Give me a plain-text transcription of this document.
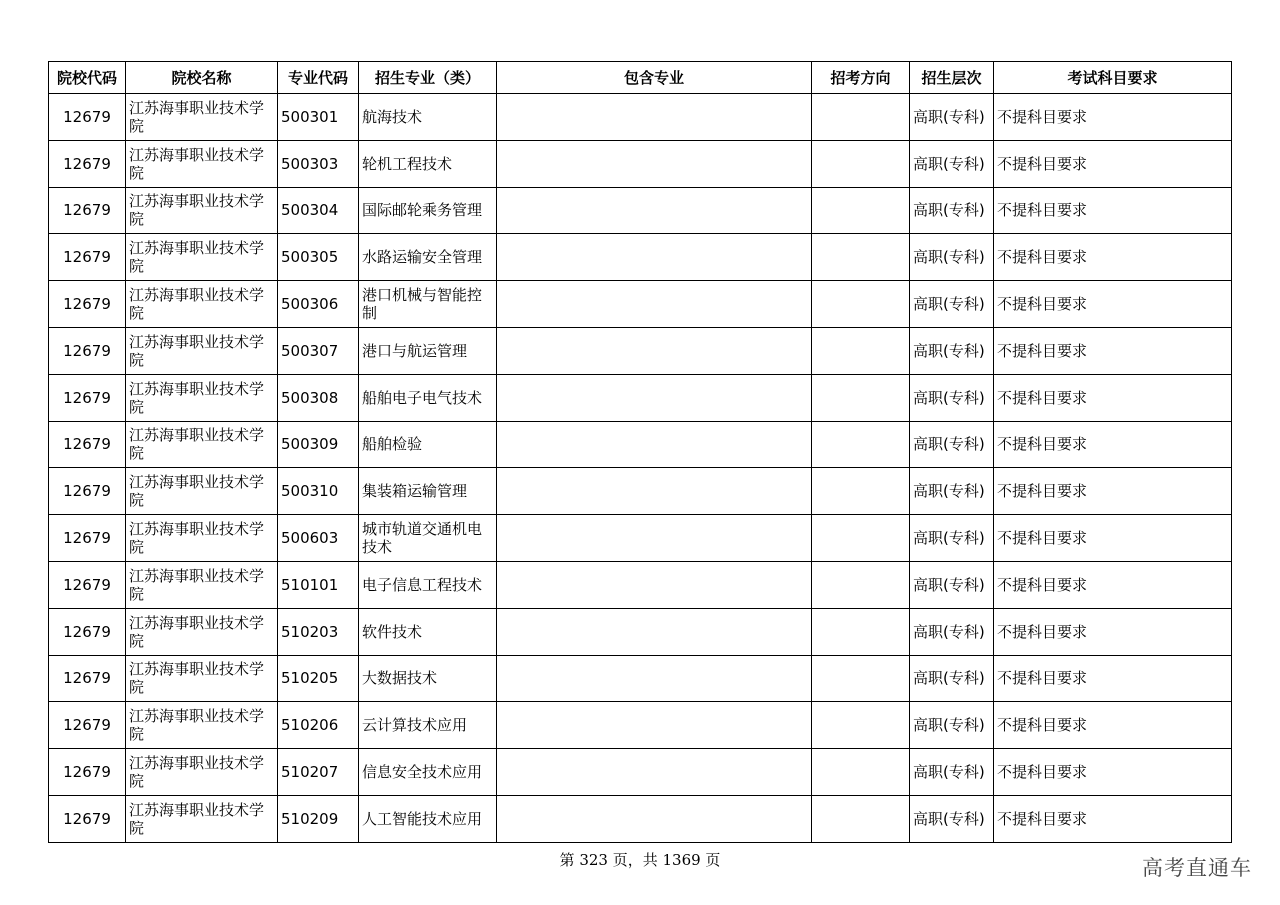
院校代码	院校名称	专业代码	招生专业（类）	包含专业	招考方向	招生层次	考试科目要求
12679	江苏海事职业技术学院	500301	航海技术			高职(专科)	不提科目要求
12679	江苏海事职业技术学院	500303	轮机工程技术			高职(专科)	不提科目要求
12679	江苏海事职业技术学院	500304	国际邮轮乘务管理			高职(专科)	不提科目要求
12679	江苏海事职业技术学院	500305	水路运输安全管理			高职(专科)	不提科目要求
12679	江苏海事职业技术学院	500306	港口机械与智能控制			高职(专科)	不提科目要求
12679	江苏海事职业技术学院	500307	港口与航运管理			高职(专科)	不提科目要求
12679	江苏海事职业技术学院	500308	船舶电子电气技术			高职(专科)	不提科目要求
12679	江苏海事职业技术学院	500309	船舶检验			高职(专科)	不提科目要求
12679	江苏海事职业技术学院	500310	集装箱运输管理			高职(专科)	不提科目要求
12679	江苏海事职业技术学院	500603	城市轨道交通机电技术			高职(专科)	不提科目要求
12679	江苏海事职业技术学院	510101	电子信息工程技术			高职(专科)	不提科目要求
12679	江苏海事职业技术学院	510203	软件技术			高职(专科)	不提科目要求
12679	江苏海事职业技术学院	510205	大数据技术			高职(专科)	不提科目要求
12679	江苏海事职业技术学院	510206	云计算技术应用			高职(专科)	不提科目要求
12679	江苏海事职业技术学院	510207	信息安全技术应用			高职(专科)	不提科目要求
12679	江苏海事职业技术学院	510209	人工智能技术应用			高职(专科)	不提科目要求
第 323 页，共 1369 页	高考直通车
